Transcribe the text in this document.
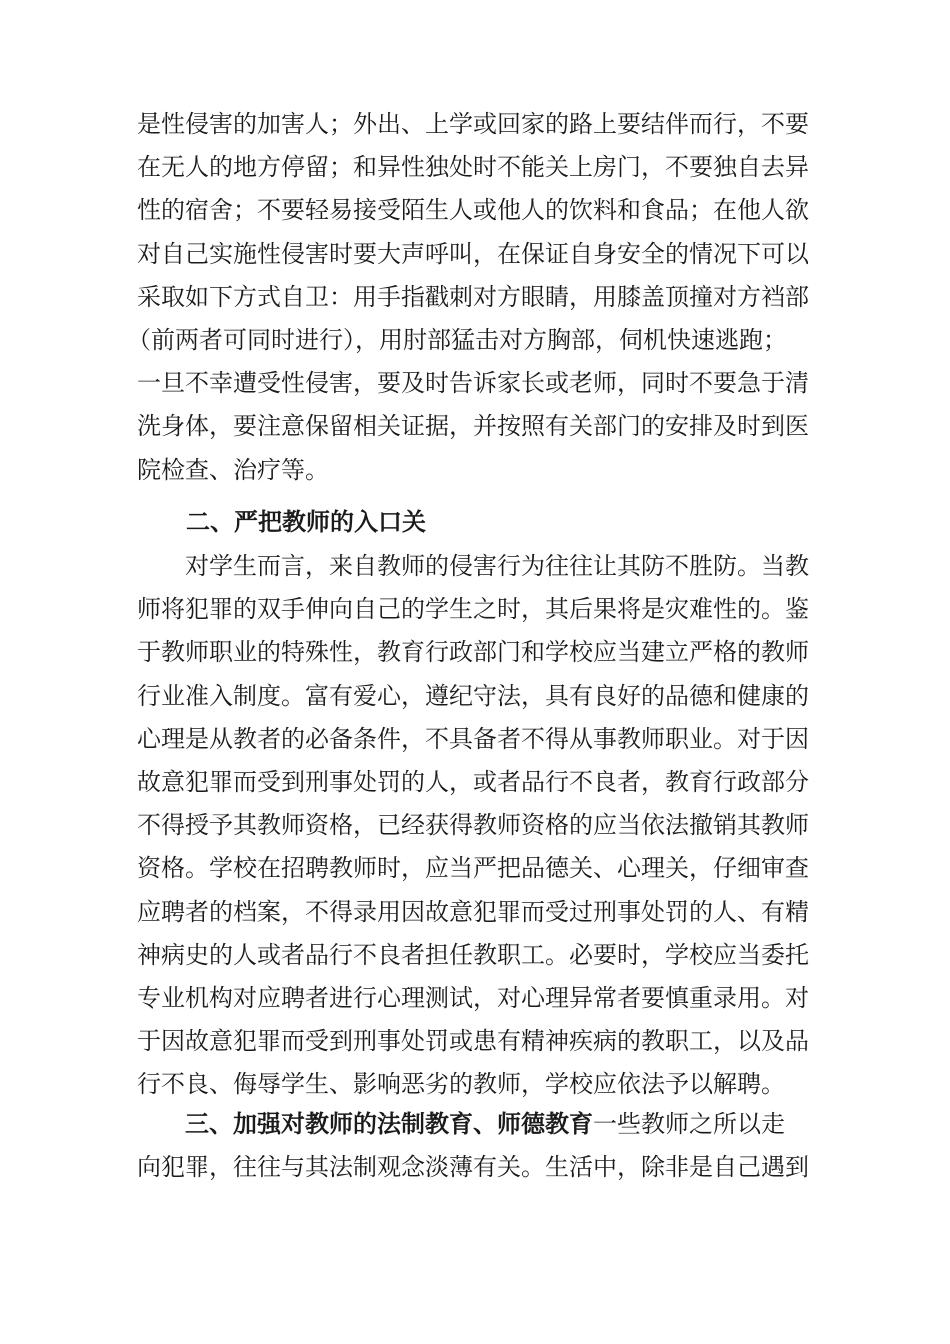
是性侵害的加害人；外出、上学或回家的路上要结伴而行，不要
在无人的地方停留；和异性独处时不能关上房门，不要独自去异
性的宿舍；不要轻易接受陌生人或他人的饮料和食品；在他人欲
对自己实施性侵害时要大声呼叫，在保证自身安全的情况下可以
采取如下方式自卫：用手指戳刺对方眼睛，用膝盖顶撞对方裆部
（前两者可同时进行），用肘部猛击对方胸部，伺机快速逃跑；
一旦不幸遭受性侵害，要及时告诉家长或老师，同时不要急于清
洗身体，要注意保留相关证据，并按照有关部门的安排及时到医
院检查、治疗等。
二、严把教师的入口关
对学生而言，来自教师的侵害行为往往让其防不胜防。当教
师将犯罪的双手伸向自己的学生之时，其后果将是灾难性的。鉴
于教师职业的特殊性，教育行政部门和学校应当建立严格的教师
行业准入制度。富有爱心，遵纪守法，具有良好的品德和健康的
心理是从教者的必备条件，不具备者不得从事教师职业。对于因
故意犯罪而受到刑事处罚的人，或者品行不良者，教育行政部分
不得授予其教师资格，已经获得教师资格的应当依法撤销其教师
资格。学校在招聘教师时，应当严把品德关、心理关，仔细审查
应聘者的档案，不得录用因故意犯罪而受过刑事处罚的人、有精
神病史的人或者品行不良者担任教职工。必要时，学校应当委托
专业机构对应聘者进行心理测试，对心理异常者要慎重录用。对
于因故意犯罪而受到刑事处罚或患有精神疾病的教职工，以及品
行不良、侮辱学生、影响恶劣的教师，学校应依法予以解聘。
三、加强对教师的法制教育、师德教育一些教师之所以走
向犯罪，往往与其法制观念淡薄有关。生活中，除非是自己遇到
